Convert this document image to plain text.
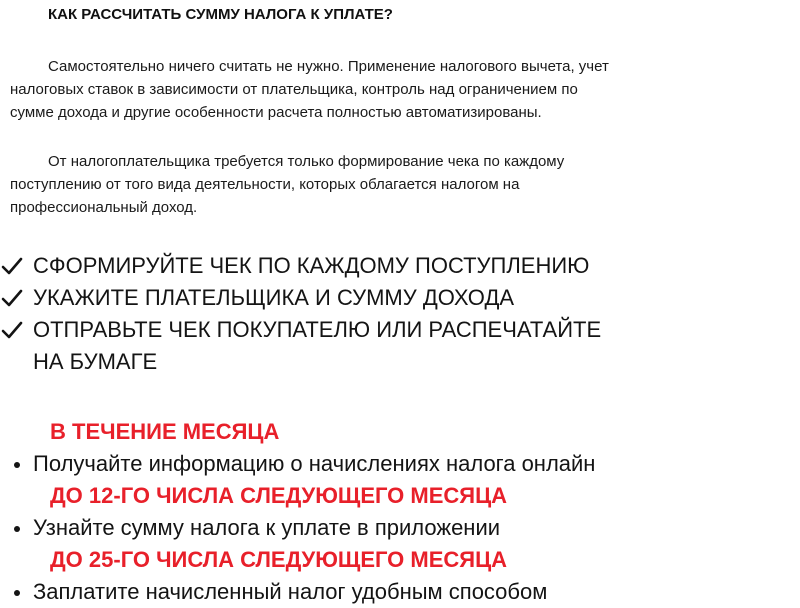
КАК РАССЧИТАТЬ СУММУ НАЛОГА К УПЛАТЕ?
Самостоятельно ничего считать не нужно. Применение налогового вычета, учет
налоговых ставок в зависимости от плательщика, контроль над ограничением по
сумме дохода и другие особенности расчета полностью автоматизированы.
От налогоплательщика требуется только формирование чека по каждому
поступлению от того вида деятельности, которых облагается налогом на
профессиональный доход.
СФОРМИРУЙТЕ ЧЕК ПО КАЖДОМУ ПОСТУПЛЕНИЮ
УКАЖИТЕ ПЛАТЕЛЬЩИКА И СУММУ ДОХОДА
ОТПРАВЬТЕ ЧЕК ПОКУПАТЕЛЮ ИЛИ РАСПЕЧАТАЙТЕ
НА БУМАГЕ
В ТЕЧЕНИЕ МЕСЯЦА
Получайте информацию о начислениях налога онлайн
ДО 12-ГО ЧИСЛА СЛЕДУЮЩЕГО МЕСЯЦА
Узнайте сумму налога к уплате в приложении
ДО 25-ГО ЧИСЛА СЛЕДУЮЩЕГО МЕСЯЦА
Заплатите начисленный налог удобным способом
